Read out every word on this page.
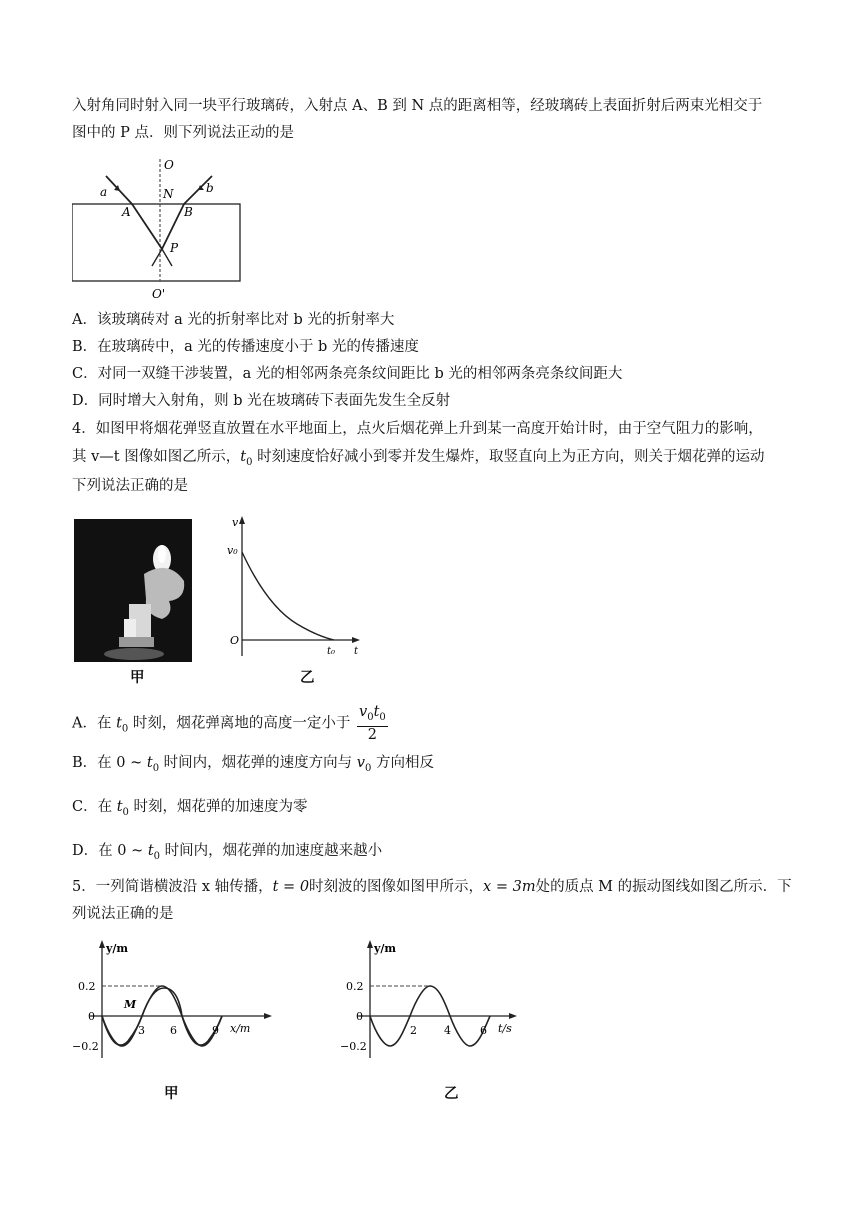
入射角同时射入同一块平行玻璃砖，入射点 A、B 到 N 点的距离相等，经玻璃砖上表面折射后两束光相交于
图中的 P 点．则下列说法正动的是
O
N
a	b
A	B
P
O'
A．该玻璃砖对 a 光的折射率比对 b 光的折射率大
B．在玻璃砖中，a 光的传播速度小于 b 光的传播速度
C．对同一双缝干涉装置，a 光的相邻两条亮条纹间距比 b 光的相邻两条亮条纹间距大
D．同时增大入射角，则 b 光在坡璃砖下表面先发生全反射
4．如图甲将烟花弹竖直放置在水平地面上，点火后烟花弹上升到某一高度开始计时，由于空气阻力的影响，
其 v—t 图像如图乙所示，$t_0$ 时刻速度恰好减小到零并发生爆炸，取竖直向上为正方向，则关于烟花弹的运动
下列说法正确的是
甲
v
v₀
O
t₀ t
乙
A．在 $t_0$ 时刻，烟花弹离地的高度一定小于 $\frac{v_0t_0}{2}$
B．在 0 ~ $t_0$ 时间内，烟花弹的速度方向与 $v_0$ 方向相反
C．在 $t_0$ 时刻，烟花弹的加速度为零
D．在 0 ~ $t_0$ 时间内，烟花弹的加速度越来越小
5．一列简谐横波沿 x 轴传播，t = 0时刻波的图像如图甲所示，x = 3m处的质点 M 的振动图线如图乙所示．下
列说法正确的是
y/m
0.2
0
−0.2
3 6	9 x/m
M
甲
y/m
0.2
0
−0.2
2 4	6 t/s
乙
